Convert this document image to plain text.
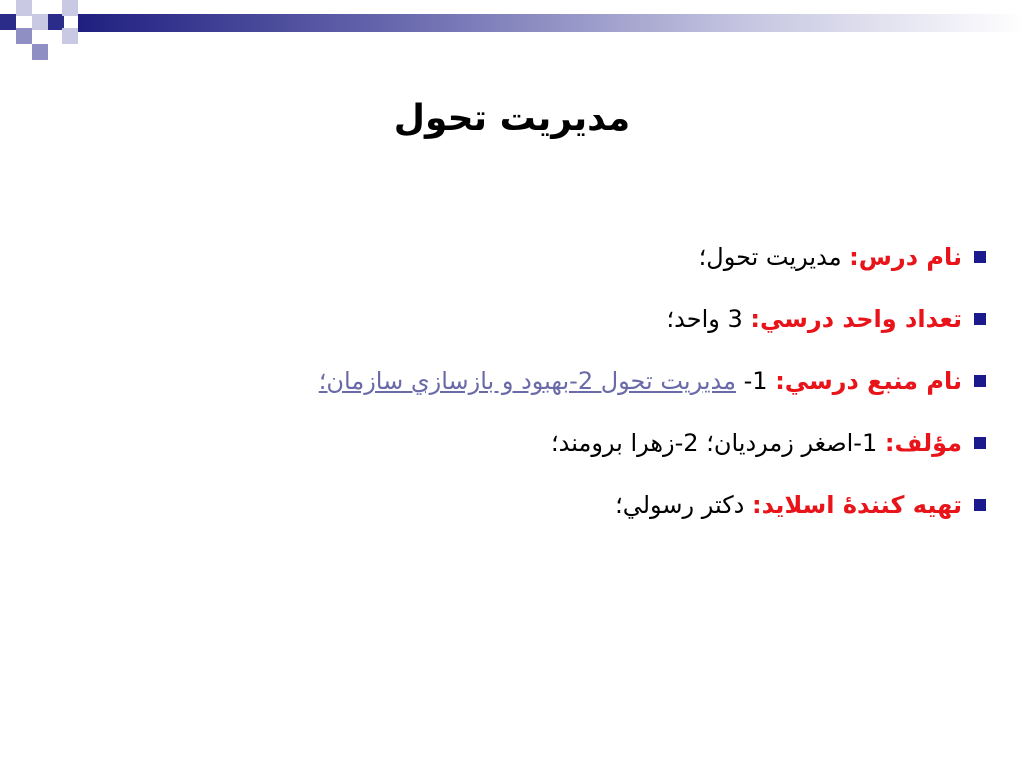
مديريت تحول
نام درس: مديريت تحول؛
تعداد واحد درسي: 3 واحد؛
نام منبع درسي: 1- مديريت تحول 2-بهبود و بازسازي سازمان؛
مؤلف: 1-اصغر زمرديان؛ 2-زهرا برومند؛
تهيه کنندۀ اسلايد: دکتر رسولي؛
